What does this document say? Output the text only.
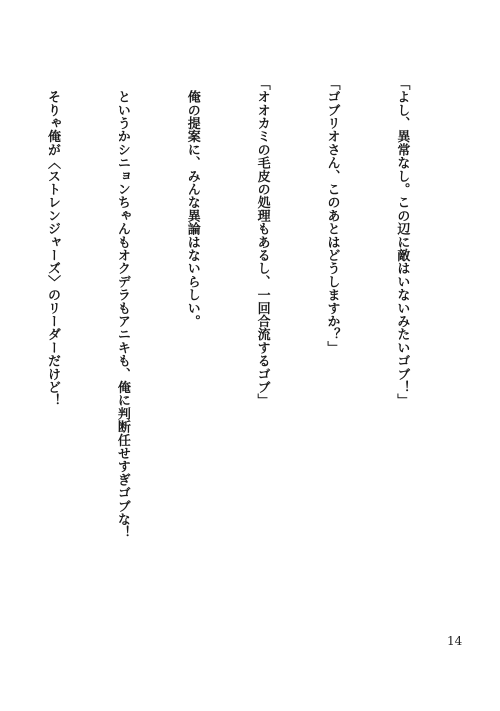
「よし、異常なし。この辺に敵はいないみたいゴブ！」

「ゴブリオさん、このあとはどうしますか？」

「オオカミの毛皮の処理もあるし、一回合流するゴブ」

　俺の提案に、みんな異論はないらしい。

　というかシニョンちゃんもオクデラもアニキも、俺に判断任せすぎゴブな！

　そりゃ俺が〈ストレンジャーズ〉のリーダーだけど！

14
